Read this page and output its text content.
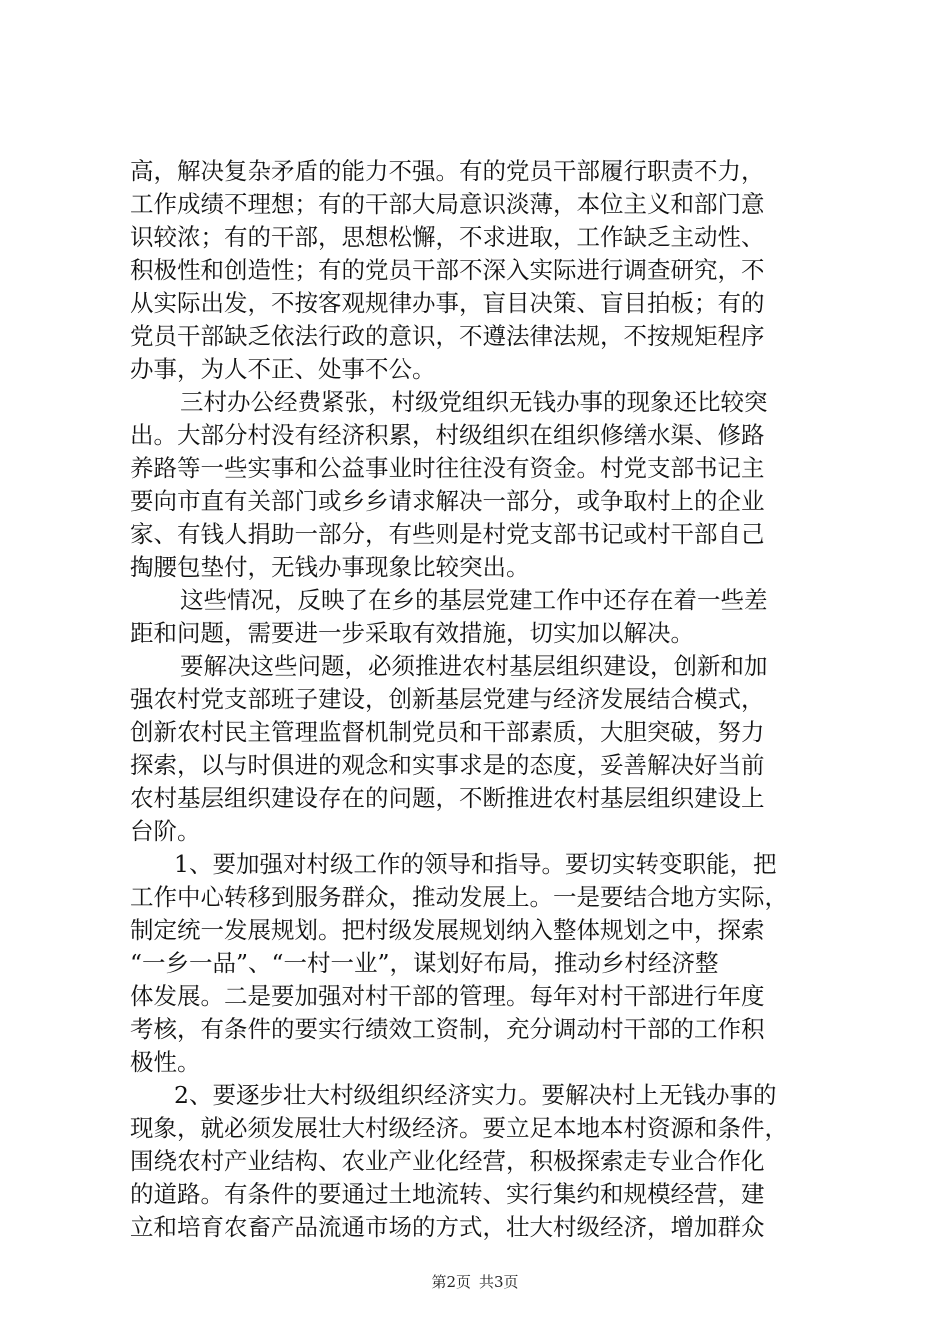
高，解决复杂矛盾的能力不强。有的党员干部履行职责不力，
工作成绩不理想；有的干部大局意识淡薄，本位主义和部门意
识较浓；有的干部，思想松懈，不求进取，工作缺乏主动性、
积极性和创造性；有的党员干部不深入实际进行调查研究，不
从实际出发，不按客观规律办事，盲目决策、盲目拍板；有的
党员干部缺乏依法行政的意识，不遵法律法规，不按规矩程序
办事，为人不正、处事不公。
三村办公经费紧张，村级党组织无钱办事的现象还比较突
出。大部分村没有经济积累，村级组织在组织修缮水渠、修路
养路等一些实事和公益事业时往往没有资金。村党支部书记主
要向市直有关部门或乡乡请求解决一部分，或争取村上的企业
家、有钱人捐助一部分，有些则是村党支部书记或村干部自己
掏腰包垫付，无钱办事现象比较突出。
这些情况，反映了在乡的基层党建工作中还存在着一些差
距和问题，需要进一步采取有效措施，切实加以解决。
要解决这些问题，必须推进农村基层组织建设，创新和加
强农村党支部班子建设，创新基层党建与经济发展结合模式，
创新农村民主管理监督机制党员和干部素质，大胆突破，努力
探索，以与时俱进的观念和实事求是的态度，妥善解决好当前
农村基层组织建设存在的问题，不断推进农村基层组织建设上
台阶。
1、要加强对村级工作的领导和指导。要切实转变职能，把
工作中心转移到服务群众，推动发展上。一是要结合地方实际，
制定统一发展规划。把村级发展规划纳入整体规划之中，探索
“一乡一品”、“一村一业”，谋划好布局，推动乡村经济整
体发展。二是要加强对村干部的管理。每年对村干部进行年度
考核，有条件的要实行绩效工资制，充分调动村干部的工作积
极性。
2、要逐步壮大村级组织经济实力。要解决村上无钱办事的
现象，就必须发展壮大村级经济。要立足本地本村资源和条件，
围绕农村产业结构、农业产业化经营，积极探索走专业合作化
的道路。有条件的要通过土地流转、实行集约和规模经营，建
立和培育农畜产品流通市场的方式，壮大村级经济，增加群众
第2页 共3页
